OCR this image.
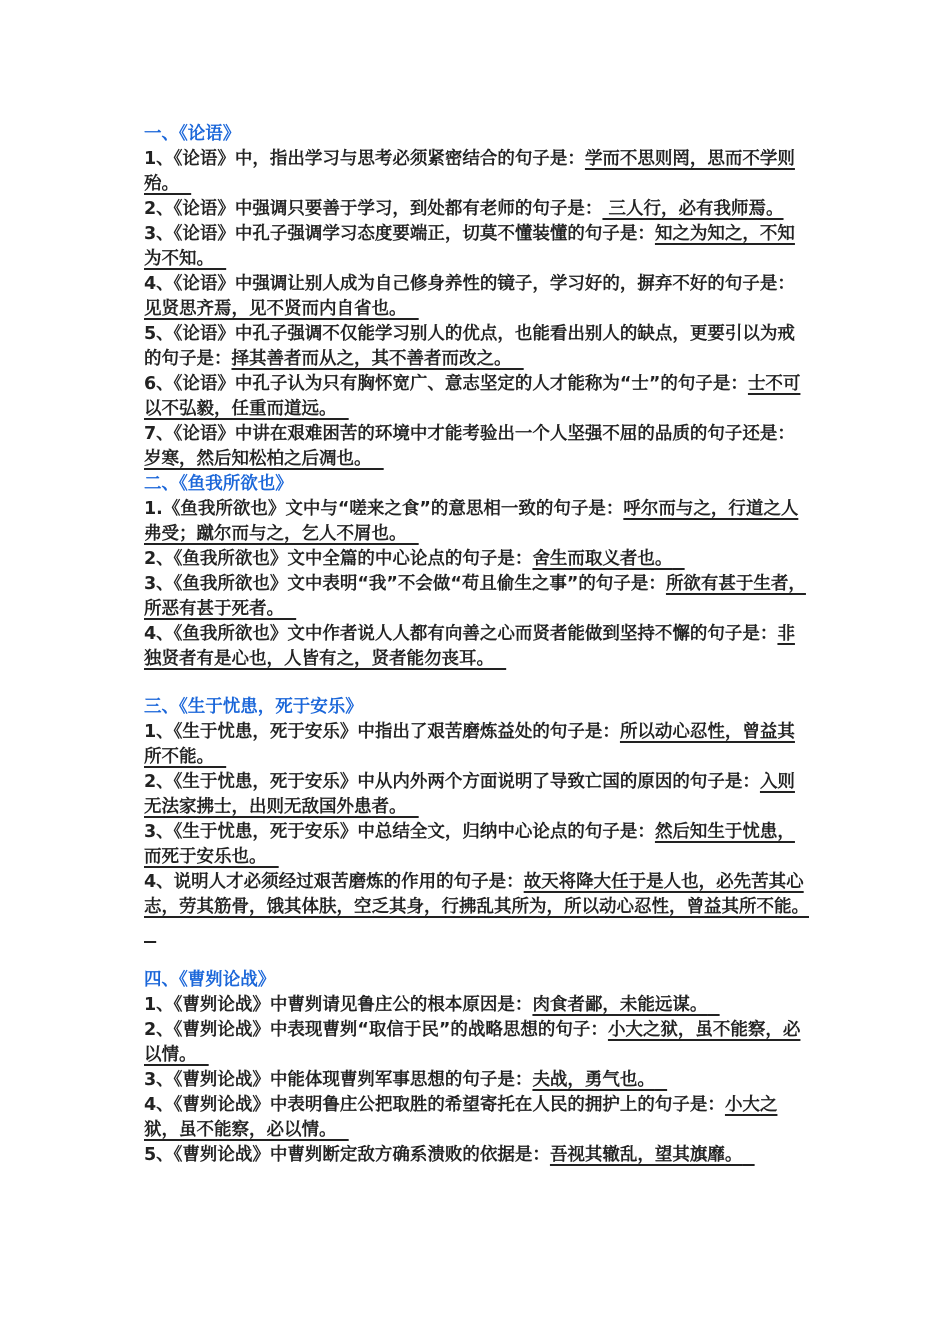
一、《论语》

1、《论语》中，指出学习与思考必须紧密结合的句子是：学而不思则罔，思而不学则殆。

2、《论语》中强调只要善于学习，到处都有老师的句子是： 三人行，必有我师焉。

3、《论语》中孔子强调学习态度要端正，切莫不懂装懂的句子是：知之为知之，不知为不知。

4、《论语》中强调让别人成为自己修身养性的镜子，学习好的，摒弃不好的句子是：见贤思齐焉，见不贤而内自省也。

5、《论语》中孔子强调不仅能学习别人的优点，也能看出别人的缺点，更要引以为戒的句子是：择其善者而从之，其不善者而改之。

6、《论语》中孔子认为只有胸怀宽广、意志坚定的人才能称为“士”的句子是：士不可以不弘毅，任重而道远。

7、《论语》中讲在艰难困苦的环境中才能考验出一个人坚强不屈的品质的句子还是：岁寒，然后知松柏之后凋也。

二、《鱼我所欲也》

1.《鱼我所欲也》文中与“嗟来之食”的意思相一致的句子是：呼尔而与之，行道之人弗受；蹴尔而与之，乞人不屑也。

2、《鱼我所欲也》文中全篇的中心论点的句子是：舍生而取义者也。

3、《鱼我所欲也》文中表明“我”不会做“苟且偷生之事”的句子是：所欲有甚于生者，所恶有甚于死者。

4、《鱼我所欲也》文中作者说人人都有向善之心而贤者能做到坚持不懈的句子是：非独贤者有是心也，人皆有之，贤者能勿丧耳。

三、《生于忧患，死于安乐》

1、《生于忧患，死于安乐》中指出了艰苦磨炼益处的句子是：所以动心忍性，曾益其所不能。

2、《生于忧患，死于安乐》中从内外两个方面说明了导致亡国的原因的句子是：入则无法家拂士，出则无敌国外患者。

3、《生于忧患，死于安乐》中总结全文，归纳中心论点的句子是：然后知生于忧患，而死于安乐也。

4、说明人才必须经过艰苦磨炼的作用的句子是：故天将降大任于是人也，必先苦其心志，劳其筋骨，饿其体肤，空乏其身，行拂乱其所为，所以动心忍性，曾益其所不能。

四、《曹刿论战》

1、《曹刿论战》中曹刿请见鲁庄公的根本原因是：肉食者鄙，未能远谋。

2、《曹刿论战》中表现曹刿“取信于民”的战略思想的句子：小大之狱，虽不能察，必以情。

3、《曹刿论战》中能体现曹刿军事思想的句子是：夫战，勇气也。

4、《曹刿论战》中表明鲁庄公把取胜的希望寄托在人民的拥护上的句子是：小大之狱，虽不能察，必以情。

5、《曹刿论战》中曹刿断定敌方确系溃败的依据是：吾视其辙乱，望其旗靡。
